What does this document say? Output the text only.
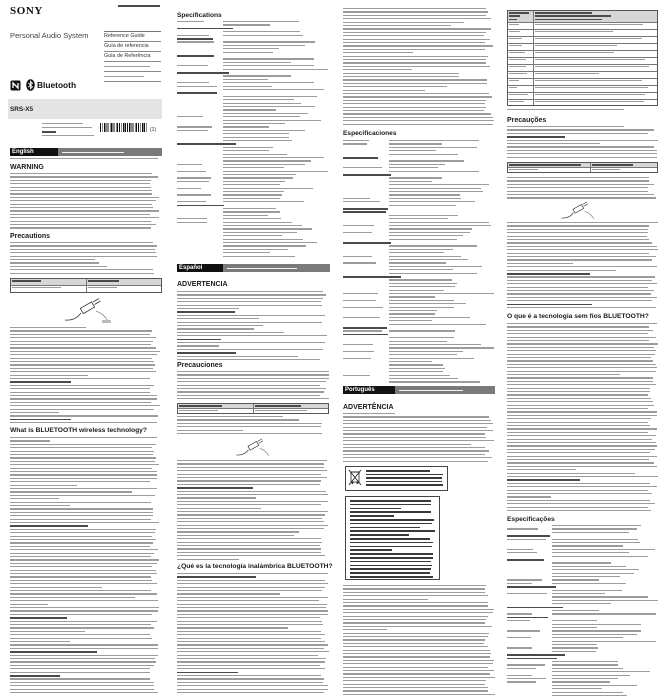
SONY
Personal Audio System	Reference Guide
Guía de referencia
Guia de Referência
Bluetooth
SRS-X5
(1)
English
WARNING
Precautions
What is BLUETOOTH wireless technology?
Specifications
Español
ADVERTENCIA
Precauciones
¿Qué es la tecnología inalámbrica BLUETOOTH?
Especificaciones
Português
ADVERTÊNCIA
Precauções
O que é a tecnologia sem fios BLUETOOTH?
Especificações
